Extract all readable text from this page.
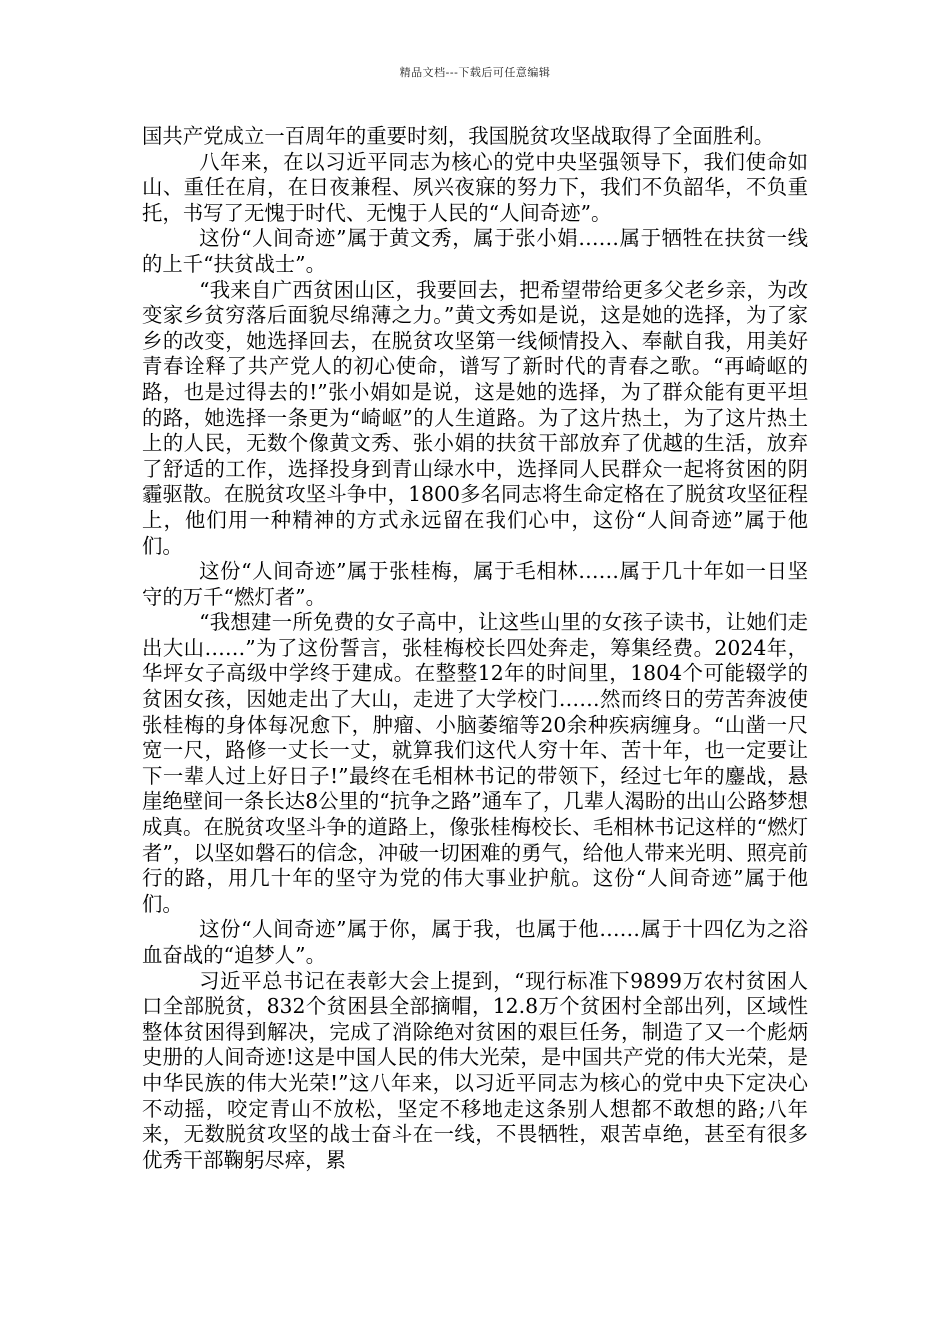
精品文档---下载后可任意编辑

国共产党成立一百周年的重要时刻，我国脱贫攻坚战取得了全面胜利。

八年来，在以习近平同志为核心的党中央坚强领导下，我们使命如山、重任在肩，在日夜兼程、夙兴夜寐的努力下，我们不负韶华，不负重托，书写了无愧于时代、无愧于人民的“人间奇迹”。

这份“人间奇迹”属于黄文秀，属于张小娟……属于牺牲在扶贫一线的上千“扶贫战士”。

“我来自广西贫困山区，我要回去，把希望带给更多父老乡亲，为改变家乡贫穷落后面貌尽绵薄之力。”黄文秀如是说，这是她的选择，为了家乡的改变，她选择回去，在脱贫攻坚第一线倾情投入、奉献自我，用美好青春诠释了共产党人的初心使命，谱写了新时代的青春之歌。“再崎岖的路，也是过得去的!”张小娟如是说，这是她的选择，为了群众能有更平坦的路，她选择一条更为“崎岖”的人生道路。为了这片热土，为了这片热土上的人民，无数个像黄文秀、张小娟的扶贫干部放弃了优越的生活，放弃了舒适的工作，选择投身到青山绿水中，选择同人民群众一起将贫困的阴霾驱散。在脱贫攻坚斗争中，1800多名同志将生命定格在了脱贫攻坚征程上，他们用一种精神的方式永远留在我们心中，这份“人间奇迹”属于他们。

这份“人间奇迹”属于张桂梅，属于毛相林……属于几十年如一日坚守的万千“燃灯者”。

“我想建一所免费的女子高中，让这些山里的女孩子读书，让她们走出大山……”为了这份誓言，张桂梅校长四处奔走，筹集经费。2024年，华坪女子高级中学终于建成。在整整12年的时间里，1804个可能辍学的贫困女孩，因她走出了大山，走进了大学校门……然而终日的劳苦奔波使张桂梅的身体每况愈下，肿瘤、小脑萎缩等20余种疾病缠身。“山凿一尺宽一尺，路修一丈长一丈，就算我们这代人穷十年、苦十年，也一定要让下一辈人过上好日子!”最终在毛相林书记的带领下，经过七年的鏖战，悬崖绝壁间一条长达8公里的“抗争之路”通车了，几辈人渴盼的出山公路梦想成真。在脱贫攻坚斗争的道路上，像张桂梅校长、毛相林书记这样的“燃灯者”，以坚如磐石的信念，冲破一切困难的勇气，给他人带来光明、照亮前行的路，用几十年的坚守为党的伟大事业护航。这份“人间奇迹”属于他们。

这份“人间奇迹”属于你，属于我，也属于他……属于十四亿为之浴血奋战的“追梦人”。

习近平总书记在表彰大会上提到，“现行标准下9899万农村贫困人口全部脱贫，832个贫困县全部摘帽，12.8万个贫困村全部出列，区域性整体贫困得到解决，完成了消除绝对贫困的艰巨任务，制造了又一个彪炳史册的人间奇迹!这是中国人民的伟大光荣，是中国共产党的伟大光荣，是中华民族的伟大光荣!”这八年来，以习近平同志为核心的党中央下定决心不动摇，咬定青山不放松，坚定不移地走这条别人想都不敢想的路;八年来，无数脱贫攻坚的战士奋斗在一线，不畏牺牲，艰苦卓绝，甚至有很多优秀干部鞠躬尽瘁，累
